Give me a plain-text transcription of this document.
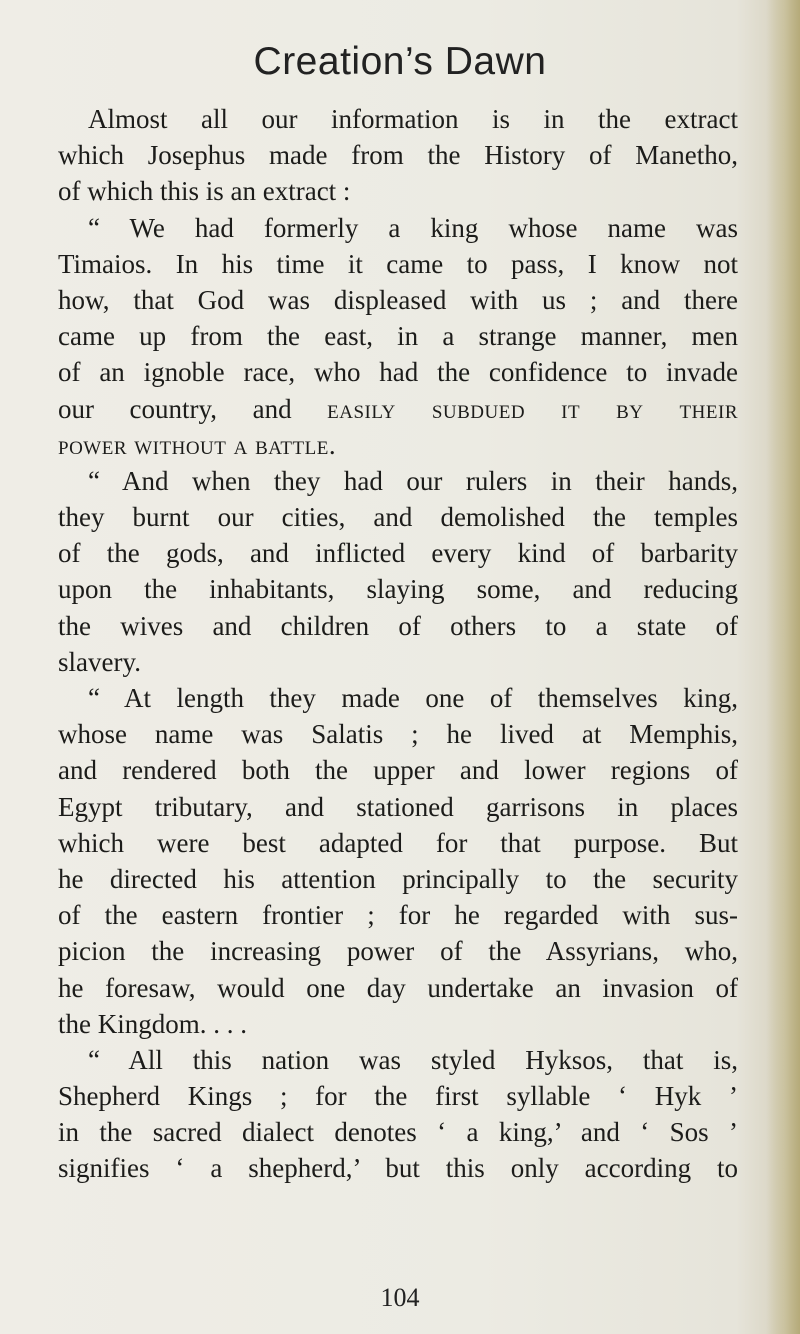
Creation’s Dawn
Almost all our information is in the extract
which Josephus made from the History of Manetho,
of which this is an extract :
“ We had formerly a king whose name was
Timaios. In his time it came to pass, I know not
how, that God was displeased with us ; and there
came up from the east, in a strange manner, men
of an ignoble race, who had the confidence to invade
our country, and easily subdued it by their
power without a battle.
“ And when they had our rulers in their hands,
they burnt our cities, and demolished the temples
of the gods, and inflicted every kind of barbarity
upon the inhabitants, slaying some, and reducing
the wives and children of others to a state of
slavery.
“ At length they made one of themselves king,
whose name was Salatis ; he lived at Memphis,
and rendered both the upper and lower regions of
Egypt tributary, and stationed garrisons in places
which were best adapted for that purpose. But
he directed his attention principally to the security
of the eastern frontier ; for he regarded with sus-
picion the increasing power of the Assyrians, who,
he foresaw, would one day undertake an invasion of
the Kingdom. . . .
“ All this nation was styled Hyksos, that is,
Shepherd Kings ; for the first syllable ‘ Hyk ’
in the sacred dialect denotes ‘ a king,’ and ‘ Sos ’
signifies ‘ a shepherd,’ but this only according to
104
